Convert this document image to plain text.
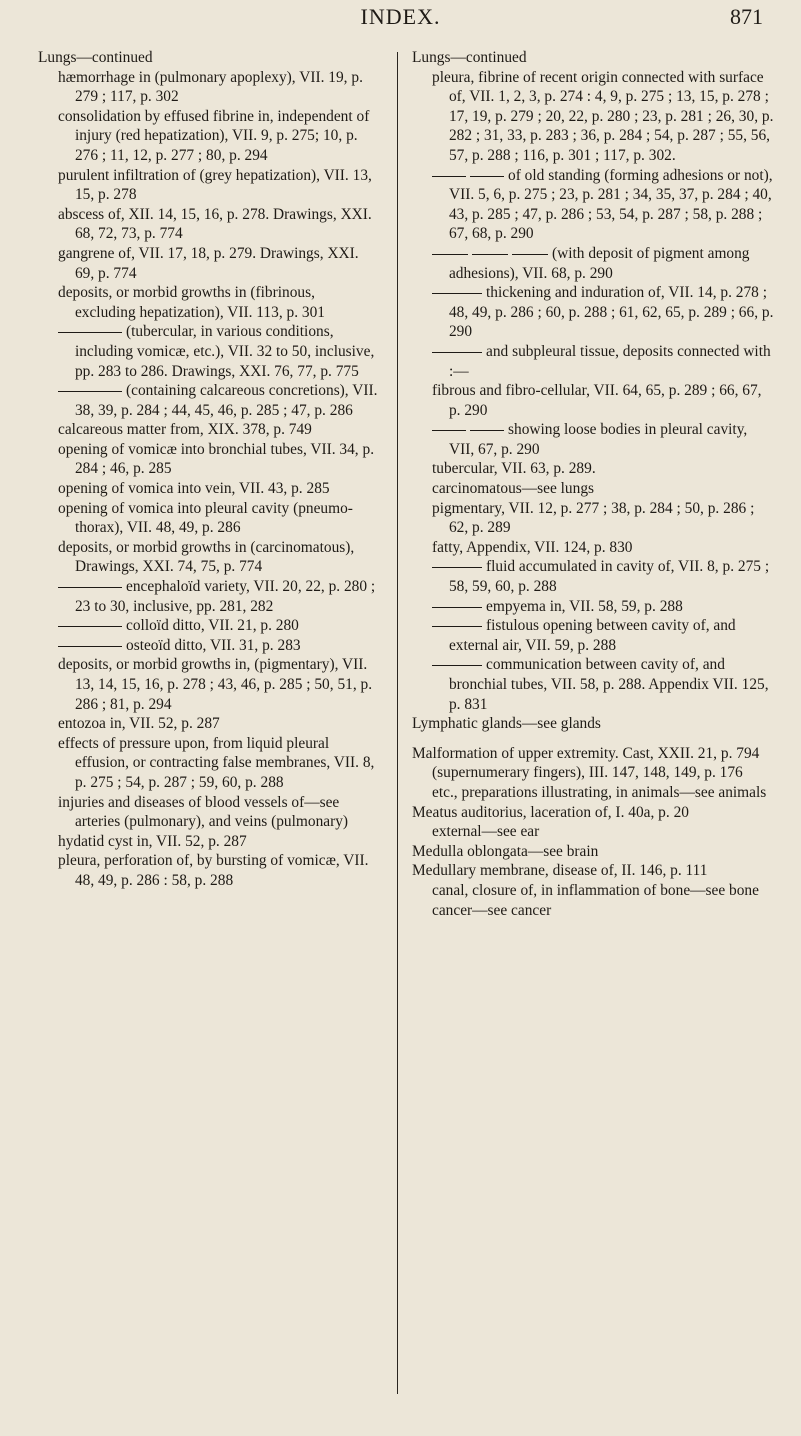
INDEX.	871

Lungs—continued

hæmorrhage in (pulmonary apoplexy), VII. 19, p. 279 ; 117, p. 302

consolidation by effused fibrine in, independent of injury (red hepatization), VII. 9, p. 275; 10, p. 276 ; 11, 12, p. 277 ; 80, p. 294

purulent infiltration of (grey hepatization), VII. 13, 15, p. 278

abscess of, XII. 14, 15, 16, p. 278. Drawings, XXI. 68, 72, 73, p. 774

gangrene of, VII. 17, 18, p. 279. Drawings, XXI. 69, p. 774

deposits, or morbid growths in (fibrinous, excluding hepatization), VII. 113, p. 301

(tubercular, in various conditions, including vomicæ, etc.), VII. 32 to 50, inclusive, pp. 283 to 286. Drawings, XXI. 76, 77, p. 775

(containing calcareous concretions), VII. 38, 39, p. 284 ; 44, 45, 46, p. 285 ; 47, p. 286

calcareous matter from, XIX. 378, p. 749

opening of vomicæ into bronchial tubes, VII. 34, p. 284 ; 46, p. 285

opening of vomica into vein, VII. 43, p. 285

opening of vomica into pleural cavity (pneumo-thorax), VII. 48, 49, p. 286

deposits, or morbid growths in (carcinomatous), Drawings, XXI. 74, 75, p. 774

encephaloïd variety, VII. 20, 22, p. 280 ; 23 to 30, inclusive, pp. 281, 282

colloïd ditto, VII. 21, p. 280

osteoïd ditto, VII. 31, p. 283

deposits, or morbid growths in, (pigmentary), VII. 13, 14, 15, 16, p. 278 ; 43, 46, p. 285 ; 50, 51, p. 286 ; 81, p. 294

entozoa in, VII. 52, p. 287

effects of pressure upon, from liquid pleural effusion, or contracting false membranes, VII. 8, p. 275 ; 54, p. 287 ; 59, 60, p. 288

injuries and diseases of blood vessels of—see arteries (pulmonary), and veins (pulmonary)

hydatid cyst in, VII. 52, p. 287

pleura, perforation of, by bursting of vomicæ, VII. 48, 49, p. 286 : 58, p. 288

Lungs—continued

pleura, fibrine of recent origin connected with surface of, VII. 1, 2, 3, p. 274 : 4, 9, p. 275 ; 13, 15, p. 278 ; 17, 19, p. 279 ; 20, 22, p. 280 ; 23, p. 281 ; 26, 30, p. 282 ; 31, 33, p. 283 ; 36, p. 284 ; 54, p. 287 ; 55, 56, 57, p. 288 ; 116, p. 301 ; 117, p. 302.

of old standing (forming adhesions or not), VII. 5, 6, p. 275 ; 23, p. 281 ; 34, 35, 37, p. 284 ; 40, 43, p. 285 ; 47, p. 286 ; 53, 54, p. 287 ; 58, p. 288 ; 67, 68, p. 290

(with deposit of pigment among adhesions), VII. 68, p. 290

thickening and induration of, VII. 14, p. 278 ; 48, 49, p. 286 ; 60, p. 288 ; 61, 62, 65, p. 289 ; 66, p. 290

and subpleural tissue, deposits connected with :—

fibrous and fibro-cellular, VII. 64, 65, p. 289 ; 66, 67, p. 290

showing loose bodies in pleural cavity, VII, 67, p. 290

tubercular, VII. 63, p. 289.

carcinomatous—see lungs

pigmentary, VII. 12, p. 277 ; 38, p. 284 ; 50, p. 286 ; 62, p. 289

fatty, Appendix, VII. 124, p. 830

fluid accumulated in cavity of, VII. 8, p. 275 ; 58, 59, 60, p. 288

empyema in, VII. 58, 59, p. 288

fistulous opening between cavity of, and external air, VII. 59, p. 288

communication between cavity of, and bronchial tubes, VII. 58, p. 288. Appendix VII. 125, p. 831

Lymphatic glands—see glands

Malformation of upper extremity. Cast, XXII. 21, p. 794

(supernumerary fingers), III. 147, 148, 149, p. 176

etc., preparations illustrating, in animals—see animals

Meatus auditorius, laceration of, I. 40a, p. 20

external—see ear

Medulla oblongata—see brain

Medullary membrane, disease of, II. 146, p. 111

canal, closure of, in inflammation of bone—see bone

cancer—see cancer
